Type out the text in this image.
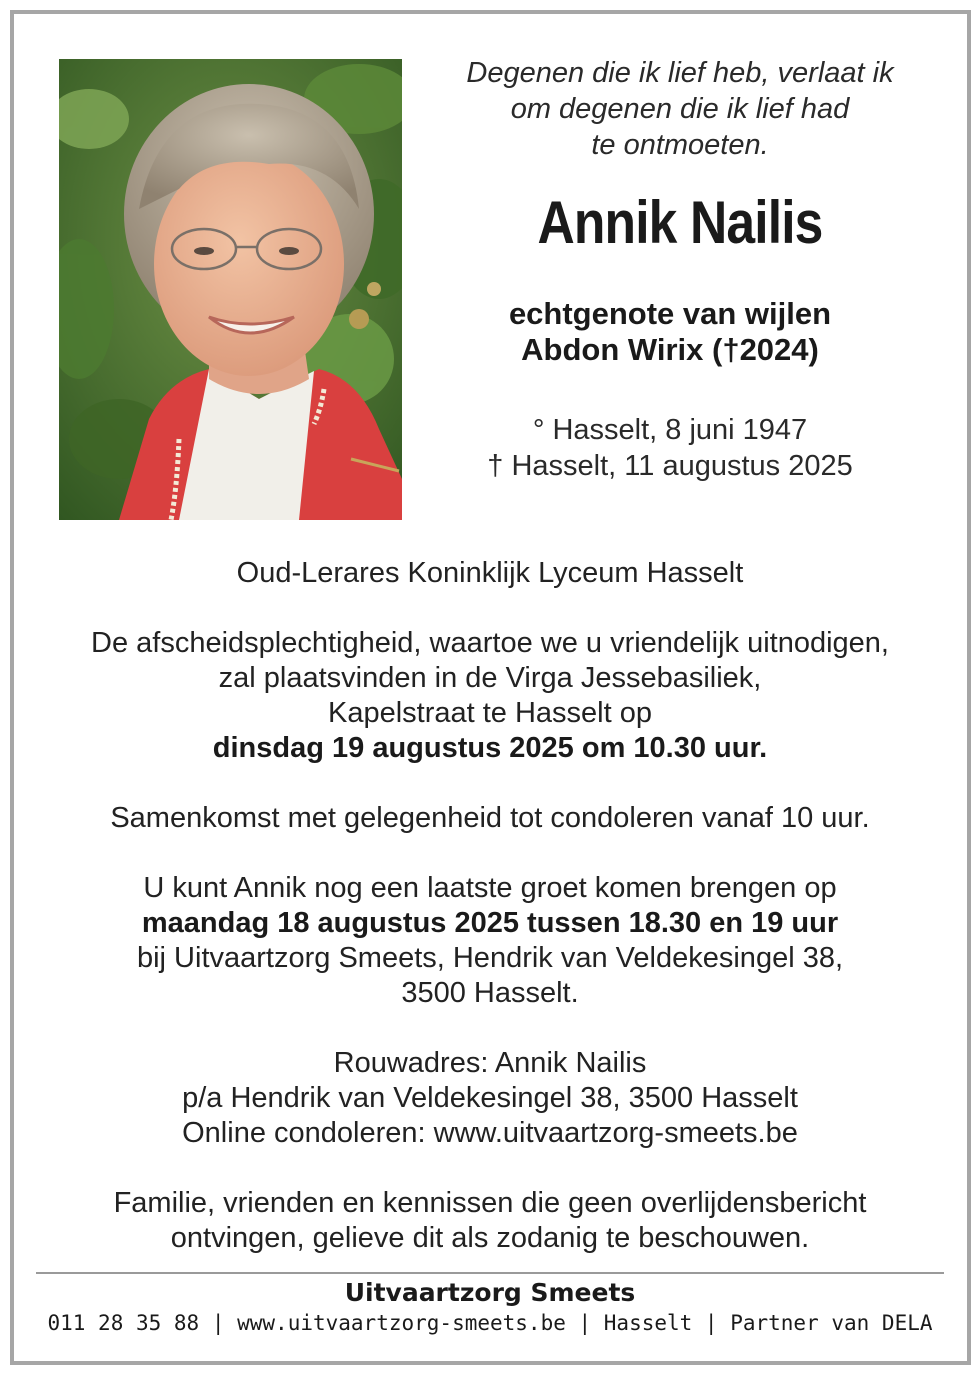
Degenen die ik lief heb, verlaat ik
om degenen die ik lief had
te ontmoeten.
Annik Nailis
echtgenote van wijlen
Abdon Wirix (†2024)
° Hasselt, 8 juni 1947
† Hasselt, 11 augustus 2025

Oud-Lerares Koninklijk Lyceum Hasselt

De afscheidsplechtigheid, waartoe we u vriendelijk uitnodigen,
zal plaatsvinden in de Virga Jessebasiliek,
Kapelstraat te Hasselt op
dinsdag 19 augustus 2025 om 10.30 uur.

Samenkomst met gelegenheid tot condoleren vanaf 10 uur.

U kunt Annik nog een laatste groet komen brengen op
maandag 18 augustus 2025 tussen 18.30 en 19 uur
bij Uitvaartzorg Smeets, Hendrik van Veldekesingel 38,
3500 Hasselt.

Rouwadres: Annik Nailis
p/a Hendrik van Veldekesingel 38, 3500 Hasselt
Online condoleren: www.uitvaartzorg-smeets.be

Familie, vrienden en kennissen die geen overlijdensbericht
ontvingen, gelieve dit als zodanig te beschouwen.

Uitvaartzorg Smeets
011 28 35 88 | www.uitvaartzorg-smeets.be | Hasselt | Partner van DELA
